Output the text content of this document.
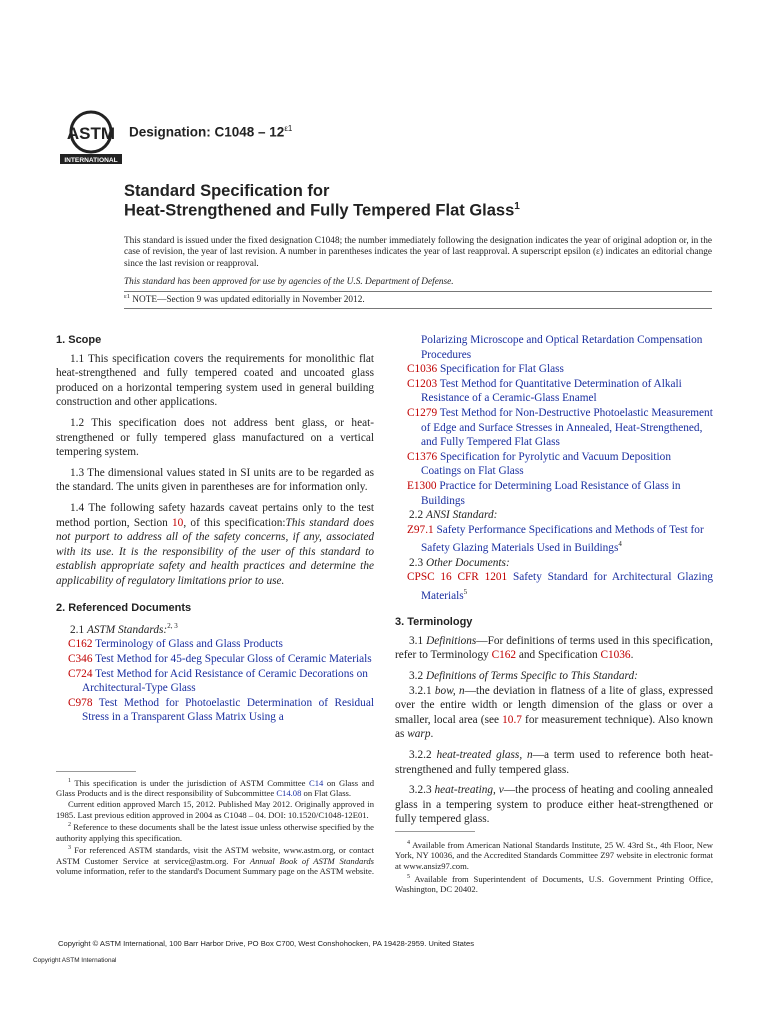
ASTM
INTERNATIONAL
Designation: $C1048 - 12^{\varepsilon 1}$
Standard Specification for
Heat-Strengthened and Fully Tempered Flat Glass$^1$
This standard is issued under the fixed designation C1048; the number immediately following the designation indicates the year of original adoption or, in the case of revision, the year of last revision. A number in parentheses indicates the year of last reapproval. A superscript epsilon (ε) indicates an editorial change since the last revision or reapproval.
This standard has been approved for use by agencies of the U.S. Department of Defense.
$^{\varepsilon 1}$ NOTE—Section 9 was updated editorially in November 2012.
1. Scope

1.1 This specification covers the requirements for monolithic flat heat-strengthened and fully tempered coated and uncoated glass produced on a horizontal tempering system used in general building construction and other applications.

1.2 This specification does not address bent glass, or heat-strengthened or fully tempered glass manufactured on a vertical tempering system.

1.3 The dimensional values stated in SI units are to be regarded as the standard. The units given in parentheses are for information only.

1.4 The following safety hazards caveat pertains only to the test method portion, Section 10, of this specification:This standard does not purport to address all of the safety concerns, if any, associated with its use. It is the responsibility of the user of this standard to establish appropriate safety and health practices and determine the applicability of regulatory limitations prior to use.

2. Referenced Documents

2.1 ASTM Standards:$^{2, 3}$

C162 Terminology of Glass and Glass Products

C346 Test Method for 45-deg Specular Gloss of Ceramic Materials

C724 Test Method for Acid Resistance of Ceramic Decorations on Architectural-Type Glass

C978 Test Method for Photoelastic Determination of Residual Stress in a Transparent Glass Matrix Using a

Polarizing Microscope and Optical Retardation Compensation Procedures

C1036 Specification for Flat Glass

C1203 Test Method for Quantitative Determination of Alkali Resistance of a Ceramic-Glass Enamel

C1279 Test Method for Non-Destructive Photoelastic Measurement of Edge and Surface Stresses in Annealed, Heat-Strengthened, and Fully Tempered Flat Glass

C1376 Specification for Pyrolytic and Vacuum Deposition Coatings on Flat Glass

E1300 Practice for Determining Load Resistance of Glass in Buildings

2.2 ANSI Standard:

Z97.1 Safety Performance Specifications and Methods of Test for Safety Glazing Materials Used in Buildings$^4$

2.3 Other Documents:

CPSC 16 CFR 1201 Safety Standard for Architectural Glazing Materials$^5$

3. Terminology

3.1 Definitions—For definitions of terms used in this specification, refer to Terminology C162 and Specification C1036.

3.2 Definitions of Terms Specific to This Standard:

3.2.1 bow, n—the deviation in flatness of a lite of glass, expressed over the entire width or length dimension of the glass or over a smaller, local area (see 10.7 for measurement technique). Also known as warp.

3.2.2 heat-treated glass, n—a term used to reference both heat-strengthened and fully tempered glass.

3.2.3 heat-treating, v—the process of heating and cooling annealed glass in a tempering system to produce either heat-strengthened or fully tempered glass.

$^1$ This specification is under the jurisdiction of ASTM Committee C14 on Glass and Glass Products and is the direct responsibility of Subcommittee C14.08 on Flat Glass.

Current edition approved March 15, 2012. Published May 2012. Originally approved in 1985. Last previous edition approved in 2004 as C1048 – 04. DOI: 10.1520/C1048-12E01.

$^2$ Reference to these documents shall be the latest issue unless otherwise specified by the authority applying this specification.

$^3$ For referenced ASTM standards, visit the ASTM website, www.astm.org, or contact ASTM Customer Service at service@astm.org. For Annual Book of ASTM Standards volume information, refer to the standard's Document Summary page on the ASTM website.

$^4$ Available from American National Standards Institute, 25 W. 43rd St., 4th Floor, New York, NY 10036, and the Accredited Standards Committee Z97 website in electronic format at www.ansiz97.com.

$^5$ Available from Superintendent of Documents, U.S. Government Printing Office, Washington, DC 20402.

Copyright © ASTM International, 100 Barr Harbor Drive, PO Box C700, West Conshohocken, PA 19428-2959. United States
Copyright ASTM International
